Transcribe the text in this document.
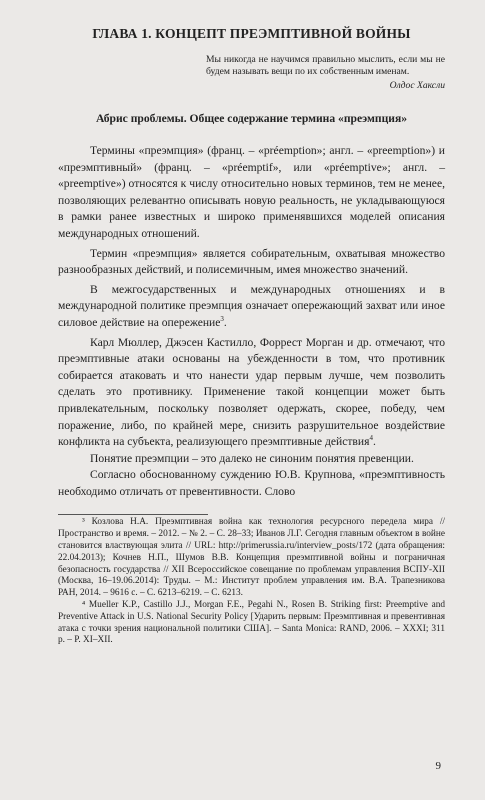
ГЛАВА 1. КОНЦЕПТ ПРЕЭМПТИВНОЙ ВОЙНЫ
Мы никогда не научимся правильно мыслить, если мы не будем называть вещи по их собственным именам.
Олдос Хаксли
Абрис проблемы. Общее содержание термина «преэмпция»

Термины «преэмпция» (франц. – «préemption»; англ. – «preemption») и «преэмптивный» (франц. – «préemptif», или «préemptive»; англ. – «preemptive») относятся к числу относительно новых терминов, тем не менее, позволяющих релевантно описывать новую реальность, не укладывающуюся в рамки ранее известных и широко применявшихся моделей описания международных отношений.

Термин «преэмпция» является собирательным, охватывая множество разнообразных действий, и полисемичным, имея множество значений.

В межгосударственных и международных отношениях и в международной политике преэмпция означает опережающий захват или иное силовое действие на опережение$^3$.

Карл Мюллер, Джэсен Кастилло, Форрест Морган и др. отмечают, что преэмптивные атаки основаны на убежденности в том, что противник собирается атаковать и что нанести удар первым лучше, чем позволить сделать это противнику. Применение такой концепции может быть привлекательным, поскольку позволяет одержать, скорее, победу, чем поражение, либо, по крайней мере, снизить разрушительное воздействие конфликта на субъекта, реализующего преэмптивные действия$^4$.

Понятие преэмпции – это далеко не синоним понятия превенции.

Согласно обоснованному суждению Ю.В. Крупнова, «преэмптивность необходимо отличать от превентивности. Слово

³ Козлова Н.А. Преэмптивная война как технология ресурсного передела мира // Пространство и время. – 2012. – № 2. – С. 28–33; Иванов Л.Г. Сегодня главным объектом в войне становится властвующая элита // URL: http://primerussia.ru/interview_posts/172 (дата обращения: 22.04.2013); Кочнев Н.П., Шумов В.В. Концепция преэмптивной войны и пограничная безопасность государства // XII Всероссийское совещание по проблемам управления ВСПУ-XII (Москва, 16–19.06.2014): Труды. – М.: Институт проблем управления им. В.А. Трапезникова РАН, 2014. – 9616 с. – С. 6213–6219. – С. 6213.

⁴ Mueller K.P., Castillo J.J., Morgan F.E., Pegahi N., Rosen B. Striking first: Preemptive and Preventive Attack in U.S. National Security Policy [Ударить первым: Преэмптивная и превентивная атака с точки зрения национальной политики США]. – Santa Monica: RAND, 2006. – XXXI; 311 p. – P. XI–XII.

9
